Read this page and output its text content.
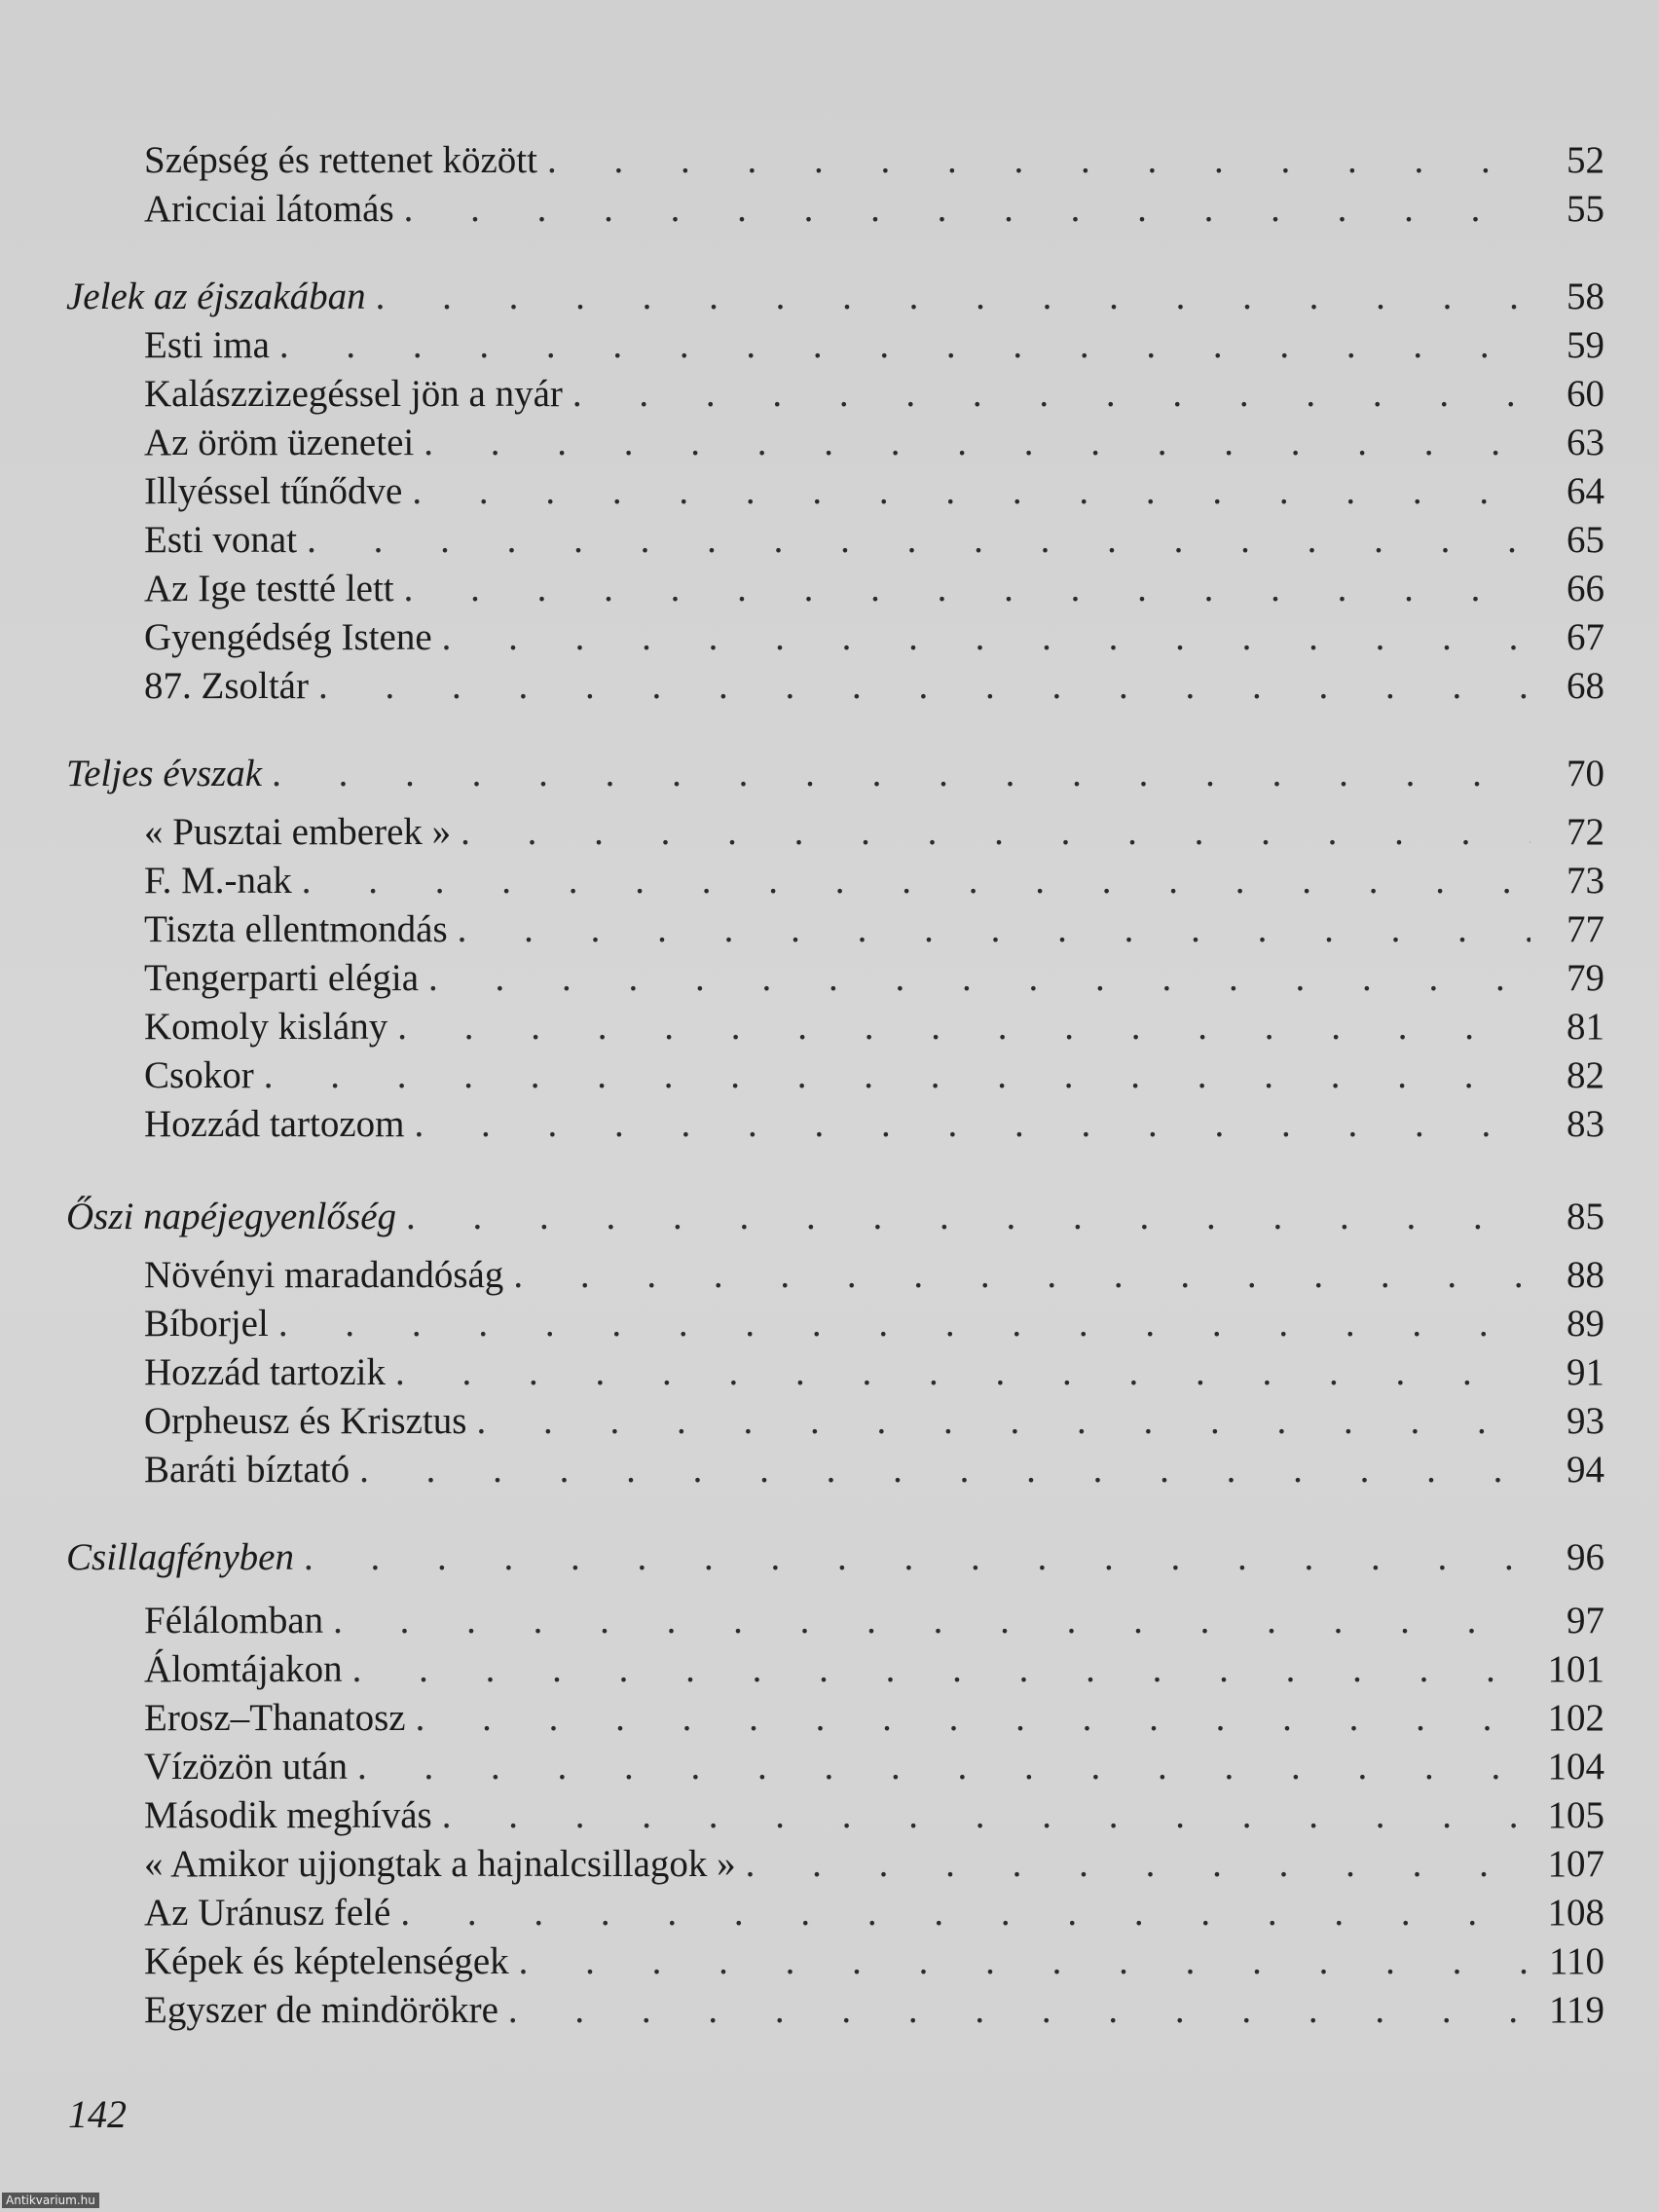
Szépség és rettenet között . . .	52
Aricciai látomás . . .	55
Jelek az éjszakában . . .	58
Esti ima . . .	59
Kalászzizegéssel jön a nyár . . .	60
Az öröm üzenetei . . .	63
Illyéssel tűnődve . . .	64
Esti vonat . . .	65
Az Ige testté lett . . .	66
Gyengédség Istene . . .	67
87. Zsoltár . . .	68
Teljes évszak . . .	70
« Pusztai emberek » . . .	72
F. M.-nak . . .	73
Tiszta ellentmondás . . .	77
Tengerparti elégia . . .	79
Komoly kislány . . .	81
Csokor . . .	82
Hozzád tartozom . . .	83
Őszi napéjegyenlőség . . .	85
Növényi maradandóság . . .	88
Bíborjel . . .	89
Hozzád tartozik . . .	91
Orpheusz és Krisztus . . .	93
Baráti bíztató . . .	94
Csillagfényben . . .	96
Félálomban . . .	97
Álomtájakon . . .	101
Erosz–Thanatosz . . .	102
Vízözön után . . .	104
Második meghívás . . .	105
« Amikor ujjongtak a hajnalcsillagok » . . .	107
Az Uránusz felé . . .	108
Képek és képtelenségek . . .	110
Egyszer de mindörökre . . .	119
142
Antikvarium.hu
